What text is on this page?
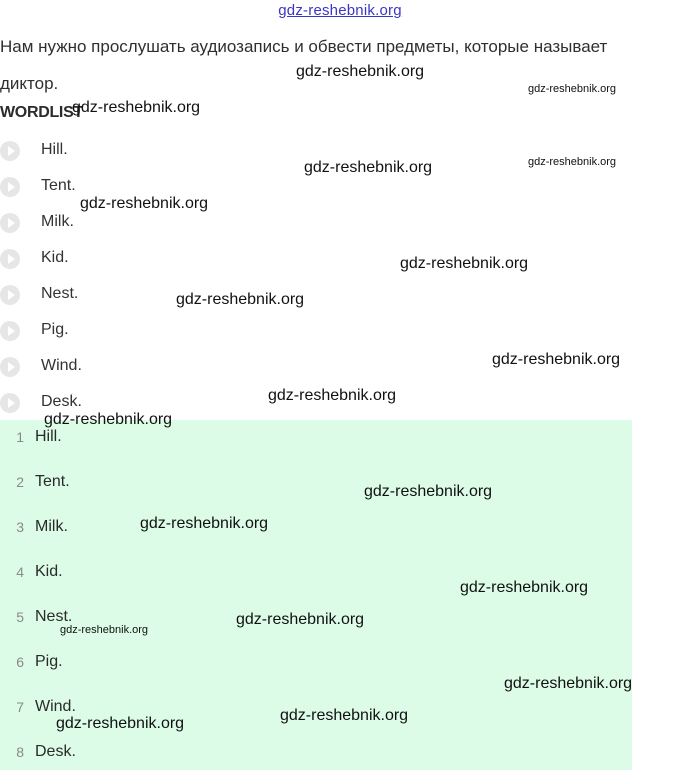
gdz-reshebnik.org
Нам нужно прослушать аудиозапись и обвести предметы, которые называет диктор.
WORDLIST
Hill.
Tent.
Milk.
Kid.
Nest.
Pig.
Wind.
Desk.
1 Hill.
2 Tent.
3 Milk.
4 Kid.
5 Nest.
6 Pig.
7 Wind.
8 Desk.
gdz-reshebnik.org
gdz-reshebnik.org
gdz-reshebnik.org
gdz-reshebnik.org	gdz-reshebnik.org
gdz-reshebnik.org
gdz-reshebnik.org
gdz-reshebnik.org
gdz-reshebnik.org
gdz-reshebnik.org
gdz-reshebnik.org
gdz-reshebnik.org
gdz-reshebnik.org
gdz-reshebnik.org
gdz-reshebnik.org
gdz-reshebnik.org
gdz-reshebnik.org
gdz-reshebnik.org
gdz-reshebnik.org
